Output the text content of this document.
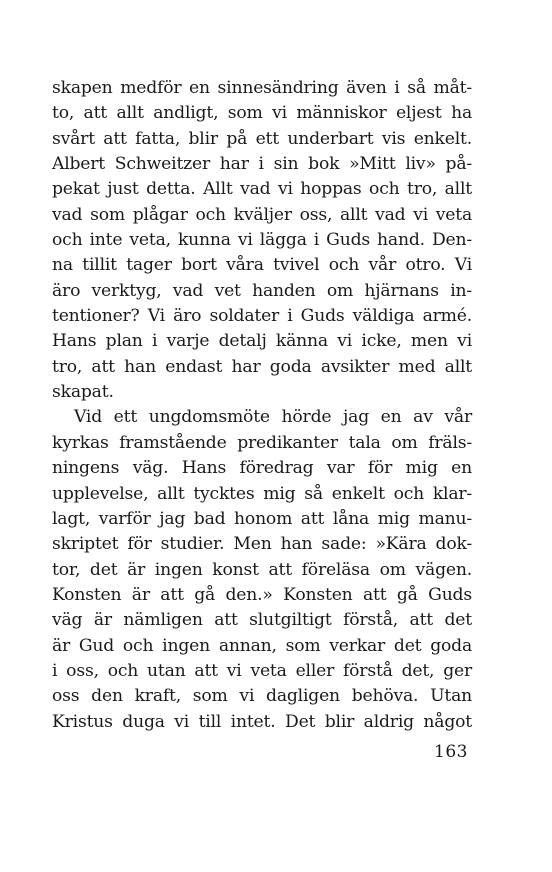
skapen medför en sinnesändring även i så måt-
to, att allt andligt, som vi människor eljest ha
svårt att fatta, blir på ett underbart vis enkelt.
Albert Schweitzer har i sin bok »Mitt liv» på-
pekat just detta. Allt vad vi hoppas och tro, allt
vad som plågar och kväljer oss, allt vad vi veta
och inte veta, kunna vi lägga i Guds hand. Den-
na tillit tager bort våra tvivel och vår otro. Vi
äro verktyg, vad vet handen om hjärnans in-
tentioner? Vi äro soldater i Guds väldiga armé.
Hans plan i varje detalj känna vi icke, men vi
tro, att han endast har goda avsikter med allt
skapat.
Vid ett ungdomsmöte hörde jag en av vår
kyrkas framstående predikanter tala om fräls-
ningens väg. Hans föredrag var för mig en
upplevelse, allt tycktes mig så enkelt och klar-
lagt, varför jag bad honom att låna mig manu-
skriptet för studier. Men han sade: »Kära dok-
tor, det är ingen konst att föreläsa om vägen.
Konsten är att gå den.» Konsten att gå Guds
väg är nämligen att slutgiltigt förstå, att det
är Gud och ingen annan, som verkar det goda
i oss, och utan att vi veta eller förstå det, ger
oss den kraft, som vi dagligen behöva. Utan
Kristus duga vi till intet. Det blir aldrig något
163
